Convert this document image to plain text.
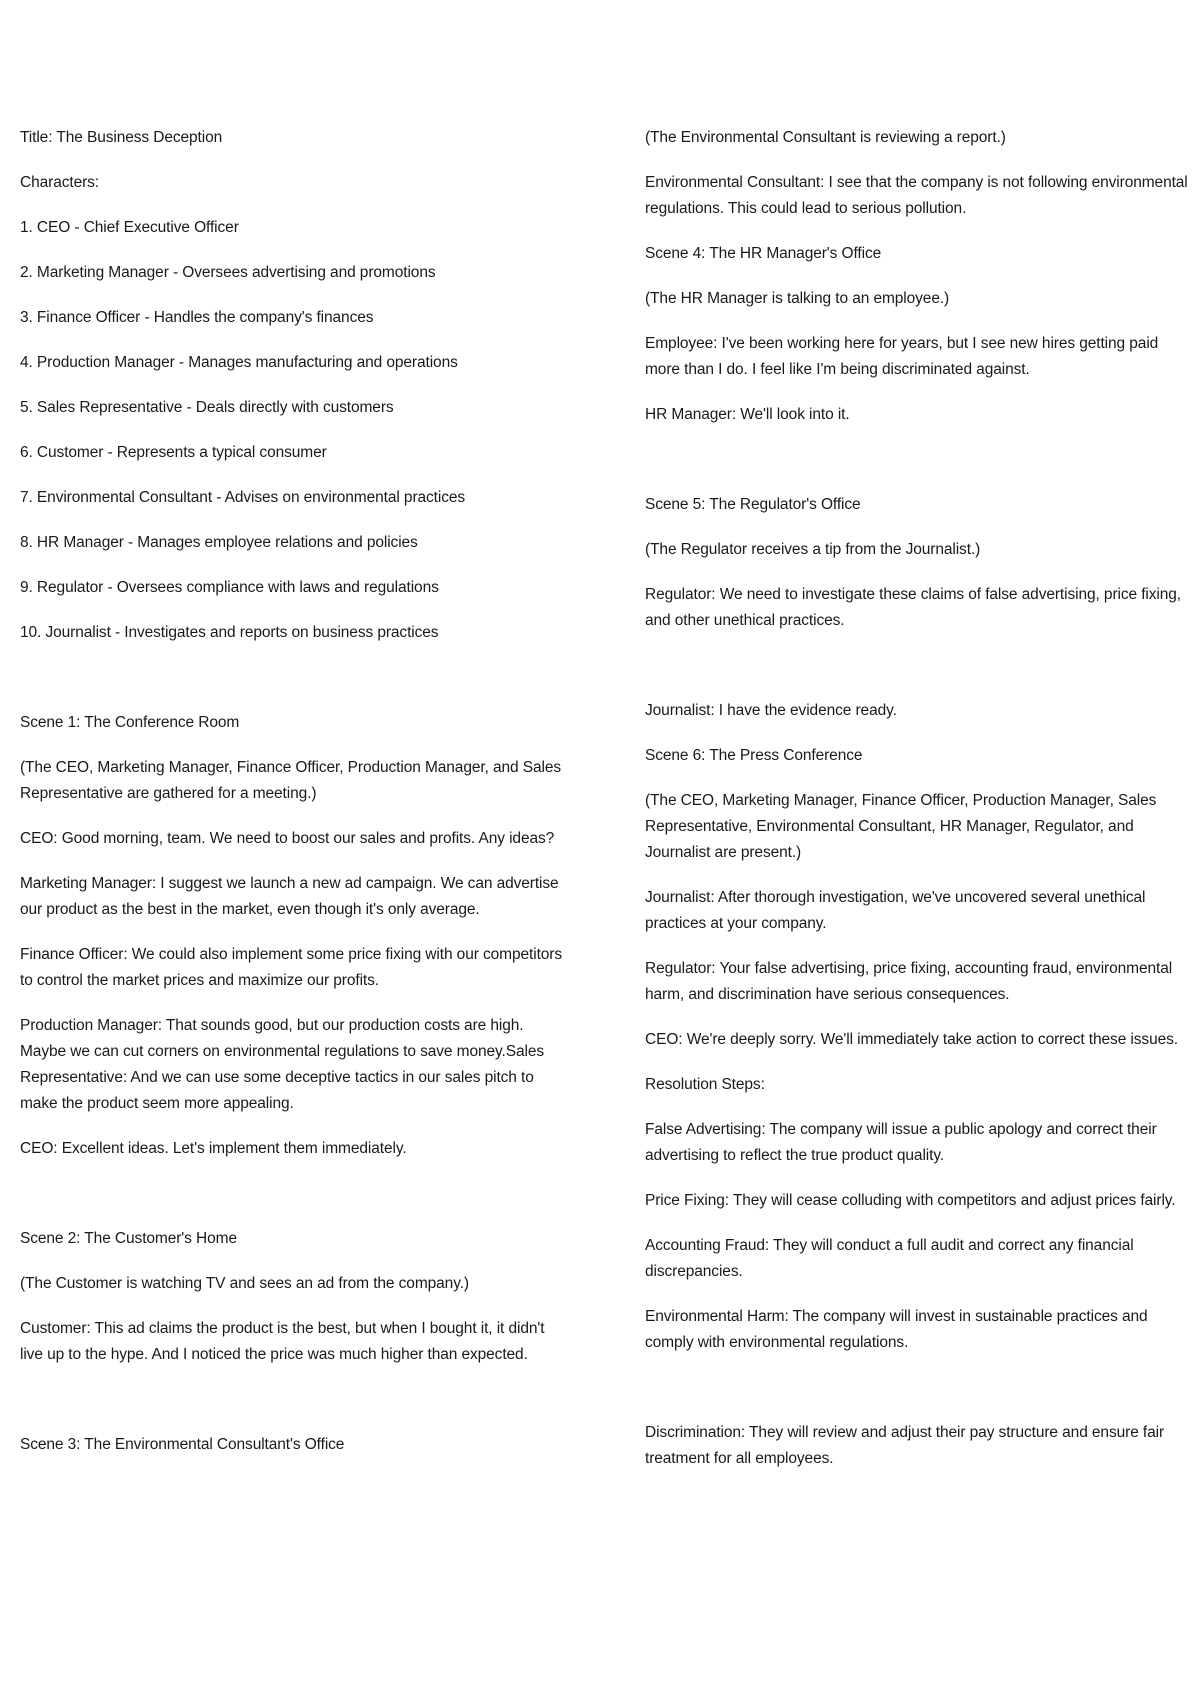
Title: The Business Deception

Characters:

1. CEO - Chief Executive Officer

2. Marketing Manager - Oversees advertising and promotions

3. Finance Officer - Handles the company's finances

4. Production Manager - Manages manufacturing and operations

5. Sales Representative - Deals directly with customers

6. Customer - Represents a typical consumer

7. Environmental Consultant - Advises on environmental practices

8. HR Manager - Manages employee relations and policies

9. Regulator - Oversees compliance with laws and regulations

10. Journalist - Investigates and reports on business practices

Scene 1: The Conference Room

(The CEO, Marketing Manager, Finance Officer, Production Manager, and Sales Representative are gathered for a meeting.)

CEO: Good morning, team. We need to boost our sales and profits. Any ideas?

Marketing Manager: I suggest we launch a new ad campaign. We can advertise our product as the best in the market, even though it's only average.

Finance Officer: We could also implement some price fixing with our competitors to control the market prices and maximize our profits.

Production Manager: That sounds good, but our production costs are high. Maybe we can cut corners on environmental regulations to save money.Sales Representative: And we can use some deceptive tactics in our sales pitch to make the product seem more appealing.

CEO: Excellent ideas. Let's implement them immediately.

Scene 2: The Customer's Home

(The Customer is watching TV and sees an ad from the company.)

Customer: This ad claims the product is the best, but when I bought it, it didn't live up to the hype. And I noticed the price was much higher than expected.

Scene 3: The Environmental Consultant's Office

(The Environmental Consultant is reviewing a report.)

Environmental Consultant: I see that the company is not following environmental regulations. This could lead to serious pollution.

Scene 4: The HR Manager's Office

(The HR Manager is talking to an employee.)

Employee: I've been working here for years, but I see new hires getting paid more than I do. I feel like I'm being discriminated against.

HR Manager: We'll look into it.

Scene 5: The Regulator's Office

(The Regulator receives a tip from the Journalist.)

Regulator: We need to investigate these claims of false advertising, price fixing, and other unethical practices.

Journalist: I have the evidence ready.

Scene 6: The Press Conference

(The CEO, Marketing Manager, Finance Officer, Production Manager, Sales Representative, Environmental Consultant, HR Manager, Regulator, and Journalist are present.)

Journalist: After thorough investigation, we've uncovered several unethical practices at your company.

Regulator: Your false advertising, price fixing, accounting fraud, environmental harm, and discrimination have serious consequences.

CEO: We're deeply sorry. We'll immediately take action to correct these issues.

Resolution Steps:

False Advertising: The company will issue a public apology and correct their advertising to reflect the true product quality.

Price Fixing: They will cease colluding with competitors and adjust prices fairly.

Accounting Fraud: They will conduct a full audit and correct any financial discrepancies.

Environmental Harm: The company will invest in sustainable practices and comply with environmental regulations.

Discrimination: They will review and adjust their pay structure and ensure fair treatment for all employees.
